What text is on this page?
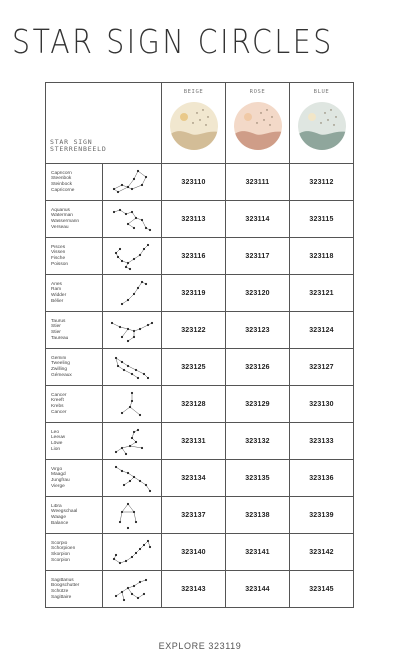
STAR SIGN CIRCLES
STAR SIGN
STERRENBEELD		BEIGE	ROSE	BLUE

Capricorn
Steenbok
Steinbock
Capricorne		323110	323111	323112

Aquarius
Waterman
Wassermann
Verseau		323113	323114	323115

Pisces
Vissen
Fische
Poisson		323116	323117	323118

Aries
Ram
Widder
Bélier		323119	323120	323121

Taurus
Stier
Stier
Taureau		323122	323123	323124

Gemini
Tweeling
Zwilling
Gémeaux		323125	323126	323127

Cancer
Kreeft
Krebs
Cancer		323128	323129	323130

Leo
Leeuw
Löwe
Lion		323131	323132	323133

Virgo
Maagd
Jungfrau
Vierge		323134	323135	323136

Libra
Weegschaal
Waage
Balance		323137	323138	323139

Scorpio
Schorpioen
Skorpion
Scorpion		323140	323141	323142

Sagittarius
Boogschutter
Schütze
Sagittaire		323143	323144	323145
EXPLORE 323119
